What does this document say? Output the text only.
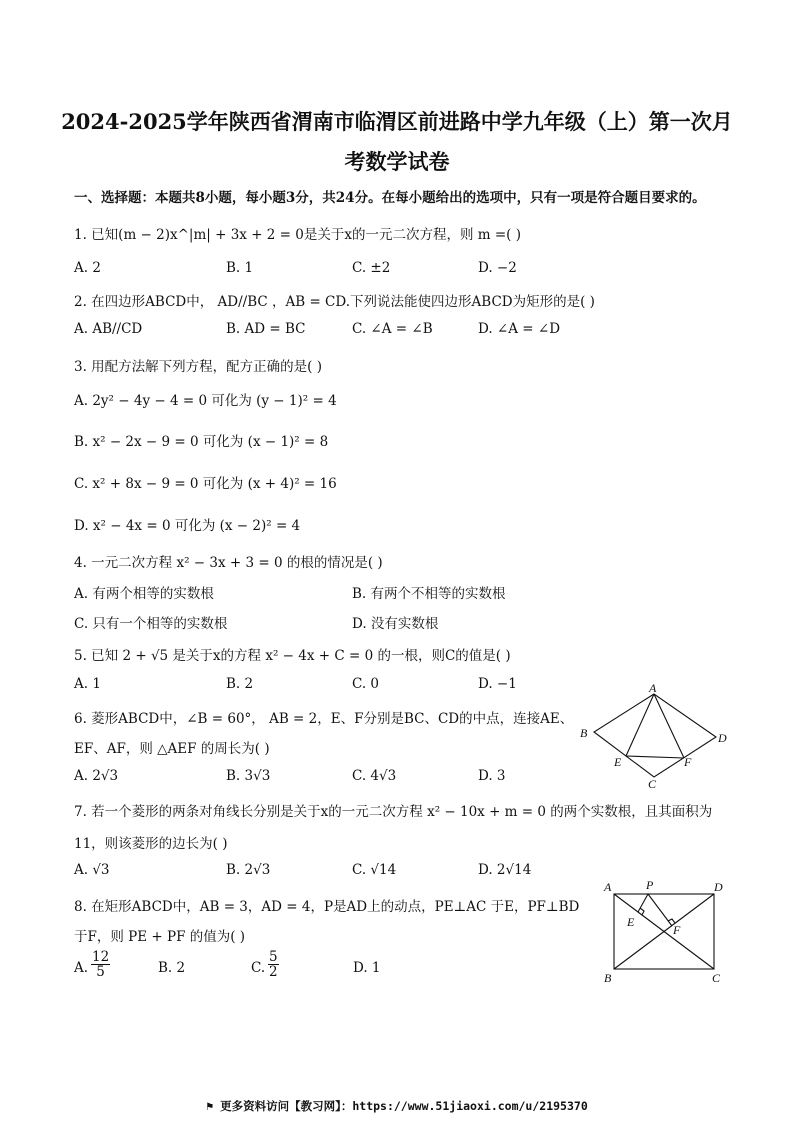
2024-2025学年陕西省渭南市临渭区前进路中学九年级（上）第一次月
考数学试卷
一、选择题：本题共8小题，每小题3分，共24分。在每小题给出的选项中，只有一项是符合题目要求的。
1. 已知(m − 2)x^|m| + 3x + 2 = 0是关于x的一元二次方程，则 m =( )
A. 2	B. 1	C. ±2	D. −2
2. 在四边形ABCD中， AD//BC ，AB = CD.下列说法能使四边形ABCD为矩形的是( )
A. AB//CD	B. AD = BC	C. ∠A = ∠B	D. ∠A = ∠D
3. 用配方法解下列方程，配方正确的是( )
A. 2y² − 4y − 4 = 0 可化为 (y − 1)² = 4
B. x² − 2x − 9 = 0 可化为 (x − 1)² = 8
C. x² + 8x − 9 = 0 可化为 (x + 4)² = 16
D. x² − 4x = 0 可化为 (x − 2)² = 4
4. 一元二次方程 x² − 3x + 3 = 0 的根的情况是( )
A. 有两个相等的实数根	B. 有两个不相等的实数根
C. 只有一个相等的实数根	D. 没有实数根
5. 已知 2 + √5 是关于x的方程 x² − 4x + C = 0 的一根，则C的值是( )
A. 1	B. 2	C. 0	D. −1
6. 菱形ABCD中，∠B = 60°， AB = 2，E、F分别是BC、CD的中点，连接AE、
EF、AF，则 △AEF 的周长为( )
A. 2√3	B. 3√3	C. 4√3	D. 3
A
B
C
D
E	F
7. 若一个菱形的两条对角线长分别是关于x的一元二次方程 x² − 10x + m = 0 的两个实数根，且其面积为
11，则该菱形的边长为( )
A. √3	B. 2√3	C. √14	D. 2√14
8. 在矩形ABCD中，AB = 3，AD = 4，P是AD上的动点，PE⊥AC 于E，PF⊥BD
于F，则 PE + PF 的值为( )
A. $\frac{12}{5}$	B. 2	C. $\frac{5}{2}$	D. 1
A	P	D
E
F
B	C
⚑ 更多资料访问【教习网】：https://www.51jiaoxi.com/u/2195370
